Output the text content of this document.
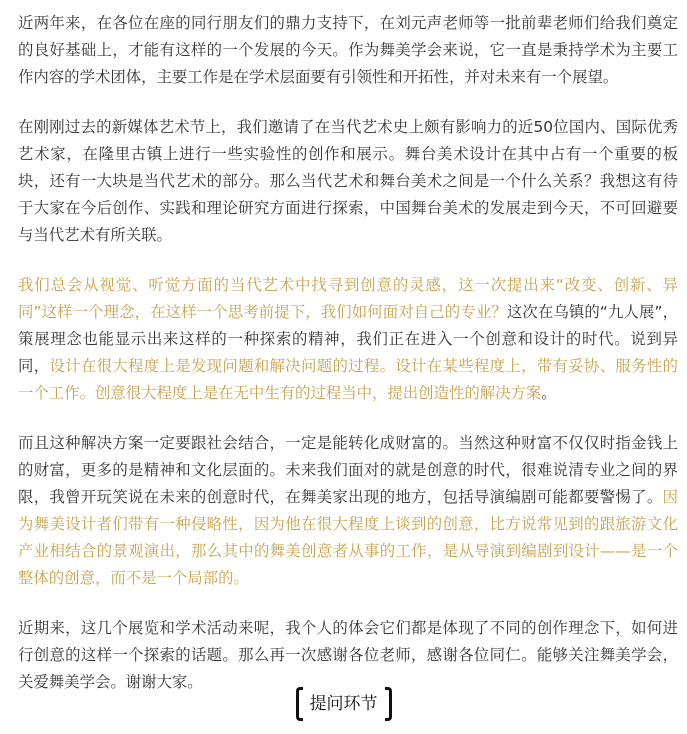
近两年来，在各位在座的同行朋友们的鼎力支持下，在刘元声老师等一批前辈老师们给我们奠定的良好基础上，才能有这样的一个发展的今天。作为舞美学会来说，它一直是秉持学术为主要工作内容的学术团体，主要工作是在学术层面要有引领性和开拓性，并对未来有一个展望。

在刚刚过去的新媒体艺术节上，我们邀请了在当代艺术史上颇有影响力的近50位国内、国际优秀艺术家，在隆里古镇上进行一些实验性的创作和展示。舞台美术设计在其中占有一个重要的板块，还有一大块是当代艺术的部分。那么当代艺术和舞台美术之间是一个什么关系？我想这有待于大家在今后创作、实践和理论研究方面进行探索，中国舞台美术的发展走到今天，不可回避要与当代艺术有所关联。

我们总会从视觉、听觉方面的当代艺术中找寻到创意的灵感，这一次提出来“改变、创新、异同”这样一个理念，在这样一个思考前提下，我们如何面对自己的专业？这次在乌镇的“九人展”，策展理念也能显示出来这样的一种探索的精神，我们正在进入一个创意和设计的时代。说到异同，设计在很大程度上是发现问题和解决问题的过程。设计在某些程度上，带有妥协、服务性的一个工作。创意很大程度上是在无中生有的过程当中，提出创造性的解决方案。

而且这种解决方案一定要跟社会结合，一定是能转化成财富的。当然这种财富不仅仅时指金钱上的财富，更多的是精神和文化层面的。未来我们面对的就是创意的时代，很难说清专业之间的界限，我曾开玩笑说在未来的创意时代，在舞美家出现的地方，包括导演编剧可能都要警惕了。因为舞美设计者们带有一种侵略性，因为他在很大程度上谈到的创意，比方说常见到的跟旅游文化产业相结合的景观演出，那么其中的舞美创意者从事的工作，是从导演到编剧到设计——是一个整体的创意，而不是一个局部的。

近期来，这几个展览和学术活动来呢，我个人的体会它们都是体现了不同的创作理念下，如何进行创意的这样一个探索的话题。那么再一次感谢各位老师，感谢各位同仁。能够关注舞美学会，关爱舞美学会。谢谢大家。

提问环节
